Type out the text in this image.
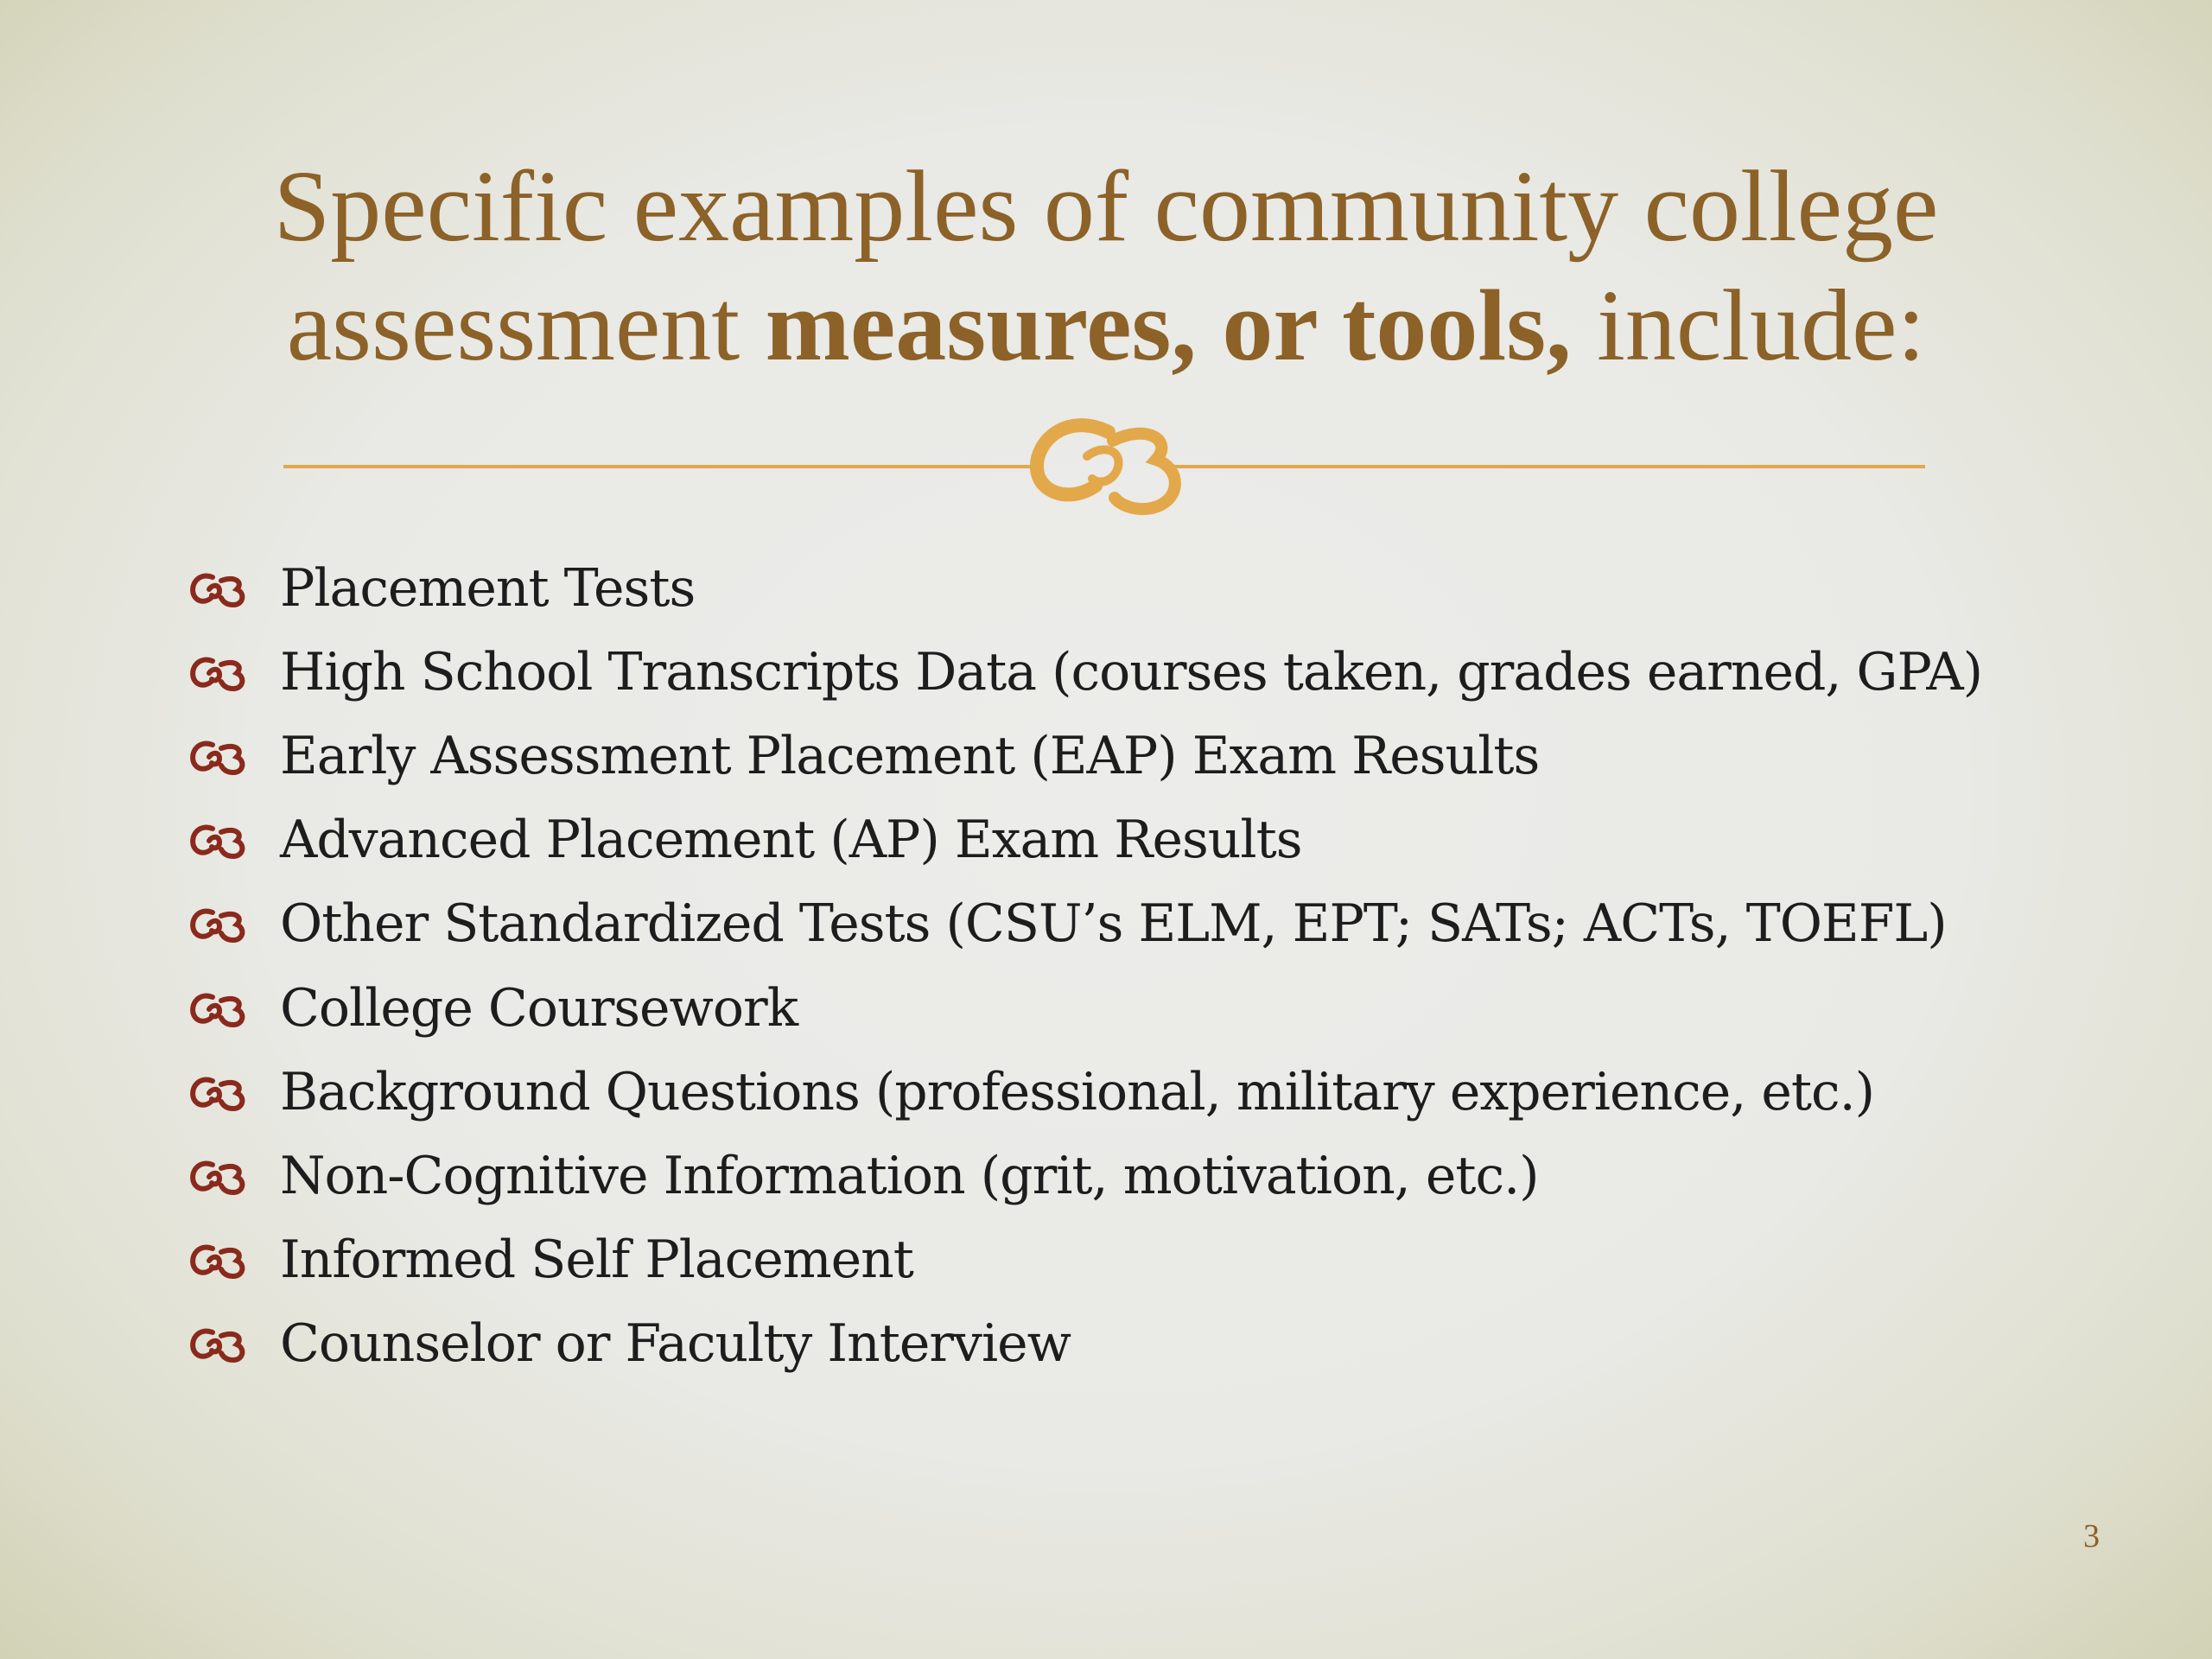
Specific examples of community college
assessment measures, or tools, include:
Placement Tests
High School Transcripts Data (courses taken, grades earned, GPA)
Early Assessment Placement (EAP) Exam Results
Advanced Placement (AP) Exam Results
Other Standardized Tests (CSU’s ELM, EPT; SATs; ACTs, TOEFL)
College Coursework
Background Questions (professional, military experience, etc.)
Non-Cognitive Information (grit, motivation, etc.)
Informed Self Placement
Counselor or Faculty Interview
3
